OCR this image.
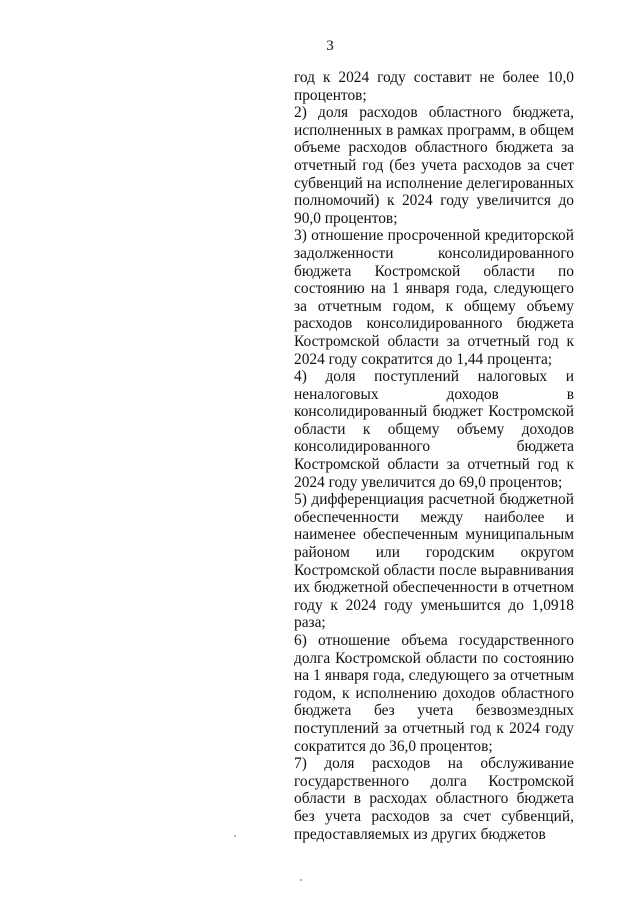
3

год к 2024 году составит не более 10,0 процентов;

2) доля расходов областного бюджета, исполненных в рамках программ, в общем объеме расходов областного бюджета за отчетный год (без учета расходов за счет субвенций на исполнение делегированных полномочий) к 2024 году увеличится до 90,0 процентов;

3) отношение просроченной кредиторской задолженности консолидированного бюджета Костромской области по состоянию на 1 января года, следующего за отчетным годом, к общему объему расходов консолидированного бюджета Костромской области за отчетный год к 2024 году сократится до 1,44 процента;

4) доля поступлений налоговых и неналоговых доходов в консолидированный бюджет Костромской области к общему объему доходов консолидированного бюджета Костромской области за отчетный год к 2024 году увеличится до 69,0 процентов;

5) дифференциация расчетной бюджетной обеспеченности между наиболее и наименее обеспеченным муниципальным районом или городским округом Костромской области после выравнивания их бюджетной обеспеченности в отчетном году к 2024 году уменьшится до 1,0918 раза;

6) отношение объема государственного долга Костромской области по состоянию на 1 января года, следующего за отчетным годом, к исполнению доходов областного бюджета без учета безвозмездных поступлений за отчетный год к 2024 году сократится до 36,0 процентов;

7) доля расходов на обслуживание государственного долга Костромской области в расходах областного бюджета без учета расходов за счет субвенций, предоставляемых из других бюджетов
